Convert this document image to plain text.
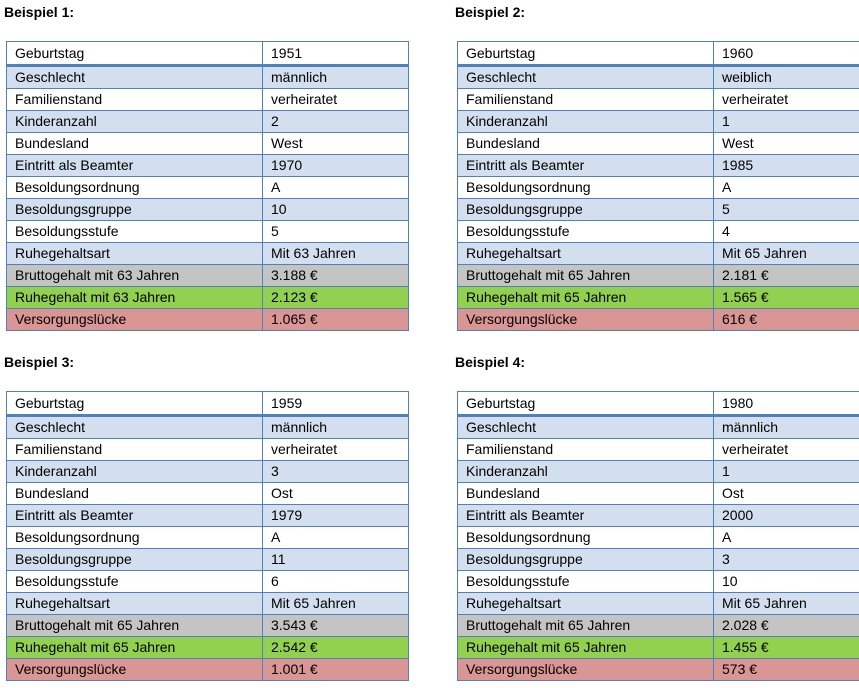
Beispiel 1:
Geburtstag	1951
Geschlecht	männlich
Familienstand	verheiratet
Kinderanzahl	2
Bundesland	West
Eintritt als Beamter	1970
Besoldungsordnung	A
Besoldungsgruppe	10
Besoldungsstufe	5
Ruhegehaltsart	Mit 63 Jahren
Bruttogehalt mit 63 Jahren	3.188 €
Ruhegehalt mit 63 Jahren	2.123 €
Versorgungslücke	1.065 €
Beispiel 2:
Geburtstag	1960
Geschlecht	weiblich
Familienstand	verheiratet
Kinderanzahl	1
Bundesland	West
Eintritt als Beamter	1985
Besoldungsordnung	A
Besoldungsgruppe	5
Besoldungsstufe	4
Ruhegehaltsart	Mit 65 Jahren
Bruttogehalt mit 65 Jahren	2.181 €
Ruhegehalt mit 65 Jahren	1.565 €
Versorgungslücke	616 €
Beispiel 3:
Geburtstag	1959
Geschlecht	männlich
Familienstand	verheiratet
Kinderanzahl	3
Bundesland	Ost
Eintritt als Beamter	1979
Besoldungsordnung	A
Besoldungsgruppe	11
Besoldungsstufe	6
Ruhegehaltsart	Mit 65 Jahren
Bruttogehalt mit 65 Jahren	3.543 €
Ruhegehalt mit 65 Jahren	2.542 €
Versorgungslücke	1.001 €
Beispiel 4:
Geburtstag	1980
Geschlecht	männlich
Familienstand	verheiratet
Kinderanzahl	1
Bundesland	Ost
Eintritt als Beamter	2000
Besoldungsordnung	A
Besoldungsgruppe	3
Besoldungsstufe	10
Ruhegehaltsart	Mit 65 Jahren
Bruttogehalt mit 65 Jahren	2.028 €
Ruhegehalt mit 65 Jahren	1.455 €
Versorgungslücke	573 €
